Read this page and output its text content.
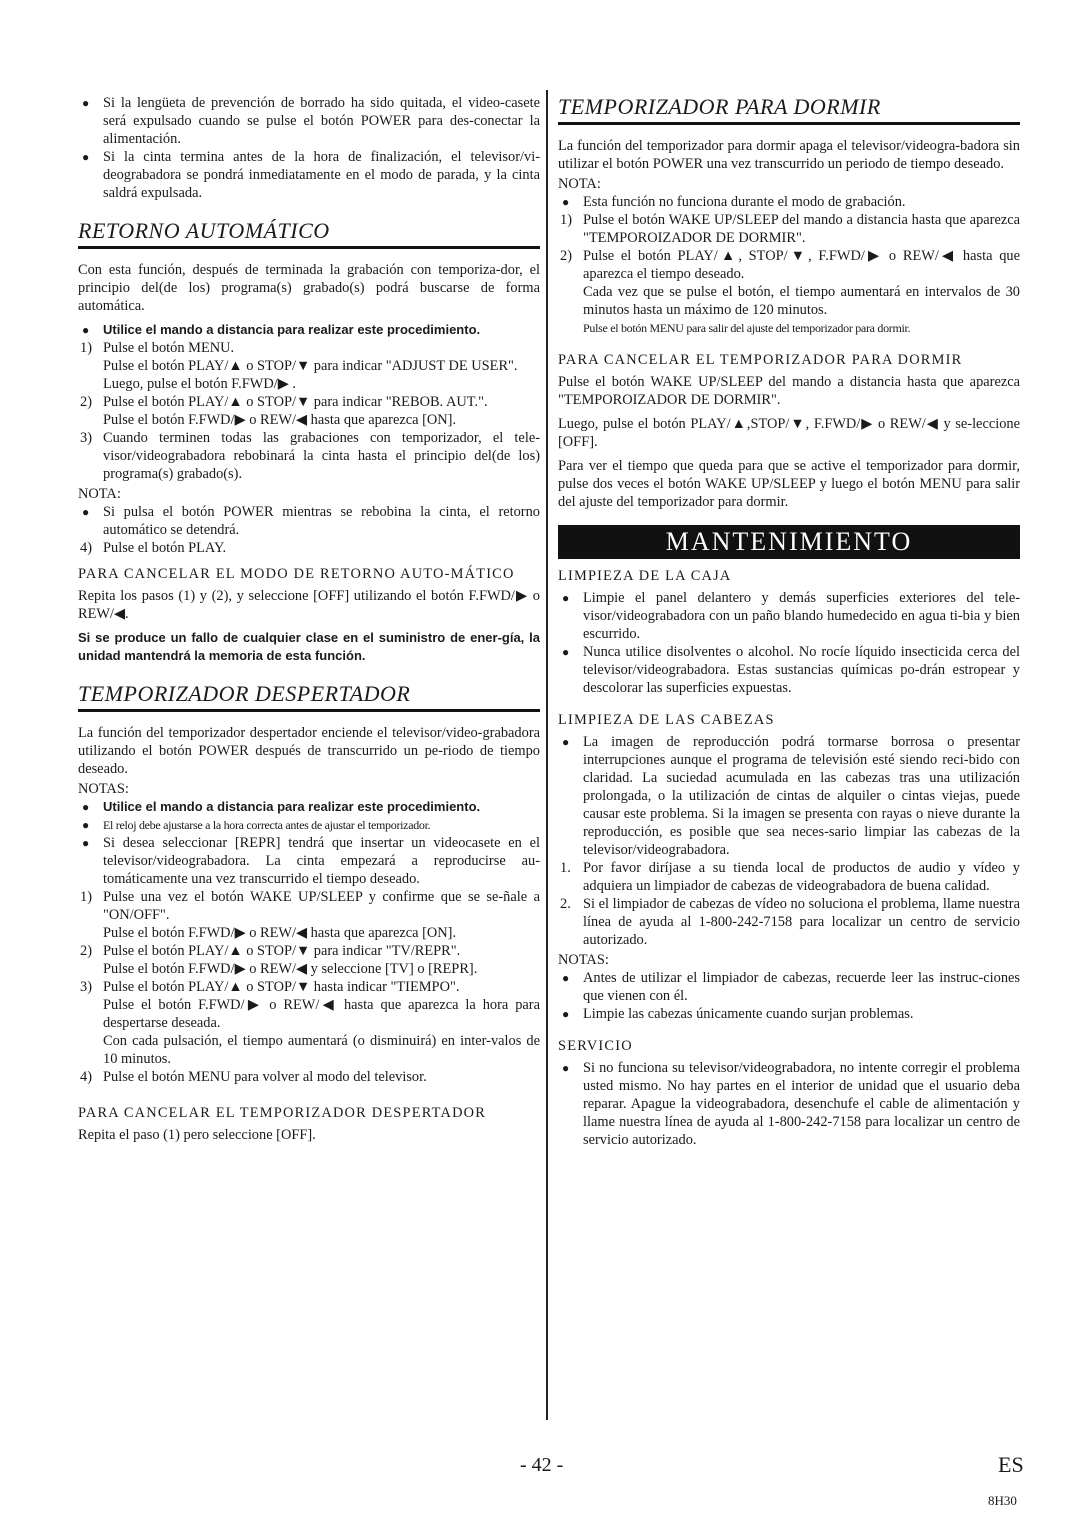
● Si la lengüeta de prevención de borrado ha sido quitada, el video-casete será expulsado cuando se pulse el botón POWER para des-conectar la alimentación.

● Si la cinta termina antes de la hora de finalización, el televisor/vi-deograbadora se pondrá inmediatamente en el modo de parada, y la cinta saldrá expulsada.

RETORNO AUTOMÁTICO

Con esta función, después de terminada la grabación con temporiza-dor, el principio del(de los) programa(s) grabado(s) podrá buscarse de forma automática.

● Utilice el mando a distancia para realizar este procedimiento.

1) Pulse el botón MENU.
Pulse el botón PLAY/▲ o STOP/▼ para indicar "ADJUST DE USER".
Luego, pulse el botón F.FWD/▶ .
2) Pulse el botón PLAY/▲ o STOP/▼ para indicar "REBOB. AUT.".
Pulse el botón F.FWD/▶ o REW/◀ hasta que aparezca [ON].
3) Cuando terminen todas las grabaciones con temporizador, el tele-visor/videograbadora rebobinará la cinta hasta el principio del(de los) programa(s) grabado(s).
NOTA:

● Si pulsa el botón POWER mientras se rebobina la cinta, el retorno automático se detendrá.

4) Pulse el botón PLAY.
PARA CANCELAR EL MODO DE RETORNO AUTO-MÁTICO

Repita los pasos (1) y (2), y seleccione [OFF] utilizando el botón F.FWD/▶ o REW/◀.

Si se produce un fallo de cualquier clase en el suministro de ener-gía, la unidad mantendrá la memoria de esta función.

TEMPORIZADOR DESPERTADOR

La función del temporizador despertador enciende el televisor/video-grabadora utilizando el botón POWER después de transcurrido un pe-riodo de tiempo deseado.

NOTAS:

● Utilice el mando a distancia para realizar este procedimiento.

● El reloj debe ajustarse a la hora correcta antes de ajustar el temporizador.

● Si desea seleccionar [REPR] tendrá que insertar un videocasete en el televisor/videograbadora. La cinta empezará a reproducirse au-tomáticamente una vez transcurrido el tiempo deseado.

1) Pulse una vez el botón WAKE UP/SLEEP y confirme que se se-ñale a "ON/OFF".
Pulse el botón F.FWD/▶ o REW/◀ hasta que aparezca [ON].
2) Pulse el botón PLAY/▲ o STOP/▼ para indicar "TV/REPR".
Pulse el botón F.FWD/▶ o REW/◀ y seleccione [TV] o [REPR].
3) Pulse el botón PLAY/▲ o STOP/▼ hasta indicar "TIEMPO".
Pulse el botón F.FWD/▶ o REW/◀ hasta que aparezca la hora para despertarse deseada.
Con cada pulsación, el tiempo aumentará (o disminuirá) en inter-valos de 10 minutos.
4) Pulse el botón MENU para volver al modo del televisor.
PARA CANCELAR EL TEMPORIZADOR DESPERTADOR

Repita el paso (1) pero seleccione [OFF].

TEMPORIZADOR PARA DORMIR

La función del temporizador para dormir apaga el televisor/videogra-badora sin utilizar el botón POWER una vez transcurrido un periodo de tiempo deseado.

NOTA:

● Esta función no funciona durante el modo de grabación.

1) Pulse el botón WAKE UP/SLEEP del mando a distancia hasta que aparezca "TEMPOROIZADOR DE DORMIR".
2) Pulse el botón PLAY/▲, STOP/▼, F.FWD/▶ o REW/◀ hasta que aparezca el tiempo deseado.
Cada vez que se pulse el botón, el tiempo aumentará en intervalos de 30 minutos hasta un máximo de 120 minutos.

Pulse el botón MENU para salir del ajuste del temporizador para dormir.

PARA CANCELAR EL TEMPORIZADOR PARA DORMIR

Pulse el botón WAKE UP/SLEEP del mando a distancia hasta que aparezca "TEMPOROIZADOR DE DORMIR".

Luego, pulse el botón PLAY/▲,STOP/▼, F.FWD/▶ o REW/◀ y se-leccione [OFF].

Para ver el tiempo que queda para que se active el temporizador para dormir, pulse dos veces el botón WAKE UP/SLEEP y luego el botón MENU para salir del ajuste del temporizador para dormir.

MANTENIMIENTO
LIMPIEZA DE LA CAJA

● Limpie el panel delantero y demás superficies exteriores del tele-visor/videograbadora con un paño blando humedecido en agua ti-bia y bien escurrido.

● Nunca utilice disolventes o alcohol. No rocíe líquido insecticida cerca del televisor/videograbadora. Estas sustancias químicas po-drán estropear y descolorar las superficies expuestas.

LIMPIEZA DE LAS CABEZAS

● La imagen de reproducción podrá tormarse borrosa o presentar interrupciones aunque el programa de televisión esté siendo reci-bido con claridad. La suciedad acumulada en las cabezas tras una utilización prolongada, o la utilización de cintas de alquiler o cintas viejas, puede causar este problema. Si la imagen se presenta con rayas o nieve durante la reproducción, es posible que sea neces-sario limpiar las cabezas de la televisor/videograbadora.

1. Por favor diríjase a su tienda local de productos de audio y vídeo y adquiera un limpiador de cabezas de videograbadora de buena calidad.
2. Si el limpiador de cabezas de vídeo no soluciona el problema, llame nuestra línea de ayuda al 1-800-242-7158 para localizar un centro de servicio autorizado.
NOTAS:

● Antes de utilizar el limpiador de cabezas, recuerde leer las instruc-ciones que vienen con él.

● Limpie las cabezas únicamente cuando surjan problemas.

SERVICIO

● Si no funciona su televisor/videograbadora, no intente corregir el problema usted mismo. No hay partes en el interior de unidad que el usuario deba reparar. Apague la videograbadora, desenchufe el cable de alimentación y llame nuestra línea de ayuda al 1-800-242-7158 para localizar un centro de servicio autorizado.

- 42 -	ES
8H30
